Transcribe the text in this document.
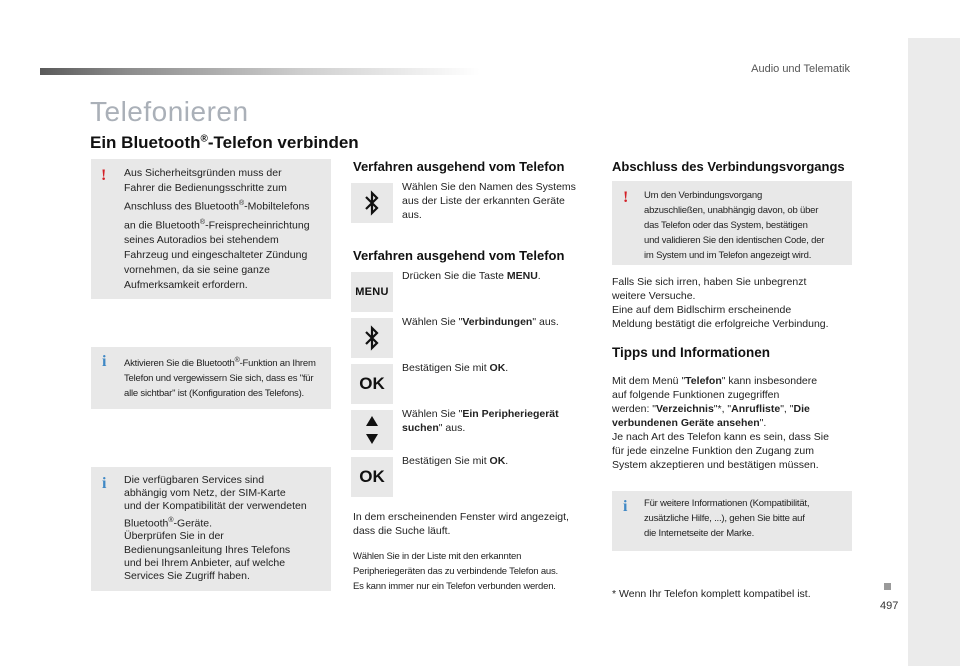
Audio und Telematik
497
Telefonieren
Ein Bluetooth®-Telefon verbinden
! Aus Sicherheitsgründen muss der
Fahrer die Bedienungsschritte zum
Anschluss des Bluetooth®-Mobiltelefons
an die Bluetooth®-Freisprecheinrichtung
seines Autoradios bei stehendem
Fahrzeug und eingeschalteter Zündung
vornehmen, da sie seine ganze
Aufmerksamkeit erfordern.
i Aktivieren Sie die Bluetooth®-Funktion an Ihrem
Telefon und vergewissern Sie sich, dass es "für
alle sichtbar" ist (Konfiguration des Telefons).
i Die verfügbaren Services sind
abhängig vom Netz, der SIM-Karte
und der Kompatibilität der verwendeten
Bluetooth®-Geräte.
Überprüfen Sie in der
Bedienungsanleitung Ihres Telefons
und bei Ihrem Anbieter, auf welche
Services Sie Zugriff haben.
Verfahren ausgehend vom Telefon
Wählen Sie den Namen des Systems
aus der Liste der erkannten Geräte
aus.
Verfahren ausgehend vom Telefon
MENU
Drücken Sie die Taste MENU.
Wählen Sie "Verbindungen" aus.
OK
Bestätigen Sie mit OK.
Wählen Sie "Ein Peripheriegerät
suchen" aus.
OK
Bestätigen Sie mit OK.
In dem erscheinenden Fenster wird angezeigt,
dass die Suche läuft.
Wählen Sie in der Liste mit den erkannten
Peripheriegeräten das zu verbindende Telefon aus.
Es kann immer nur ein Telefon verbunden werden.
Abschluss des Verbindungsvorgangs
! Um den Verbindungsvorgang
abzuschließen, unabhängig davon, ob über
das Telefon oder das System, bestätigen
und validieren Sie den identischen Code, der
im System und im Telefon angezeigt wird.
Falls Sie sich irren, haben Sie unbegrenzt
weitere Versuche.
Eine auf dem Bidlschirm erscheinende
Meldung bestätigt die erfolgreiche Verbindung.
Tipps und Informationen
Mit dem Menü "Telefon" kann insbesondere
auf folgende Funktionen zugegriffen
werden: "Verzeichnis"*, "Anrufliste", "Die
verbundenen Geräte ansehen".
Je nach Art des Telefon kann es sein, dass Sie
für jede einzelne Funktion den Zugang zum
System akzeptieren und bestätigen müssen.
i Für weitere Informationen (Kompatibilität,
zusätzliche Hilfe, ...), gehen Sie bitte auf
die Internetseite der Marke.
* Wenn Ihr Telefon komplett kompatibel ist.
